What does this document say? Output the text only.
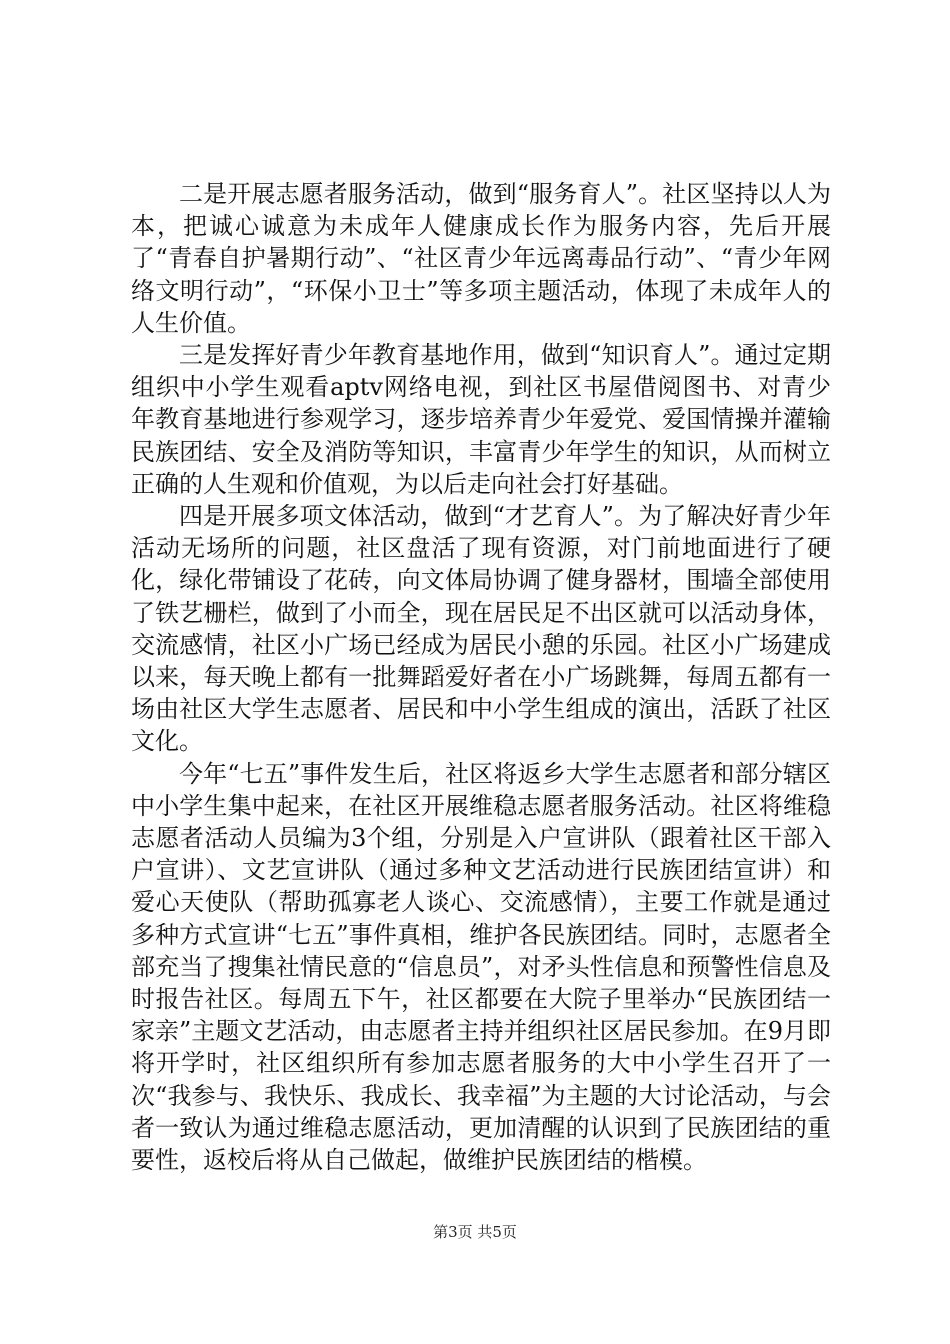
二是开展志愿者服务活动，做到“服务育人”。社区坚持以人为本，把诚心诚意为未成年人健康成长作为服务内容，先后开展了“青春自护暑期行动”、“社区青少年远离毒品行动”、“青少年网络文明行动”，“环保小卫士”等多项主题活动，体现了未成年人的人生价值。

三是发挥好青少年教育基地作用，做到“知识育人”。通过定期组织中小学生观看aptv网络电视，到社区书屋借阅图书、对青少年教育基地进行参观学习，逐步培养青少年爱党、爱国情操并灌输民族团结、安全及消防等知识，丰富青少年学生的知识，从而树立正确的人生观和价值观，为以后走向社会打好基础。

四是开展多项文体活动，做到“才艺育人”。为了解决好青少年活动无场所的问题，社区盘活了现有资源，对门前地面进行了硬化，绿化带铺设了花砖，向文体局协调了健身器材，围墙全部使用了铁艺栅栏，做到了小而全，现在居民足不出区就可以活动身体，交流感情，社区小广场已经成为居民小憩的乐园。社区小广场建成以来，每天晚上都有一批舞蹈爱好者在小广场跳舞，每周五都有一场由社区大学生志愿者、居民和中小学生组成的演出，活跃了社区文化。

今年“七五”事件发生后，社区将返乡大学生志愿者和部分辖区中小学生集中起来，在社区开展维稳志愿者服务活动。社区将维稳志愿者活动人员编为3个组，分别是入户宣讲队（跟着社区干部入户宣讲）、文艺宣讲队（通过多种文艺活动进行民族团结宣讲）和爱心天使队（帮助孤寡老人谈心、交流感情），主要工作就是通过多种方式宣讲“七五”事件真相，维护各民族团结。同时，志愿者全部充当了搜集社情民意的“信息员”，对矛头性信息和预警性信息及时报告社区。每周五下午，社区都要在大院子里举办“民族团结一家亲”主题文艺活动，由志愿者主持并组织社区居民参加。在9月即将开学时，社区组织所有参加志愿者服务的大中小学生召开了一次“我参与、我快乐、我成长、我幸福”为主题的大讨论活动，与会者一致认为通过维稳志愿活动，更加清醒的认识到了民族团结的重要性，返校后将从自己做起，做维护民族团结的楷模。

第3页 共5页
